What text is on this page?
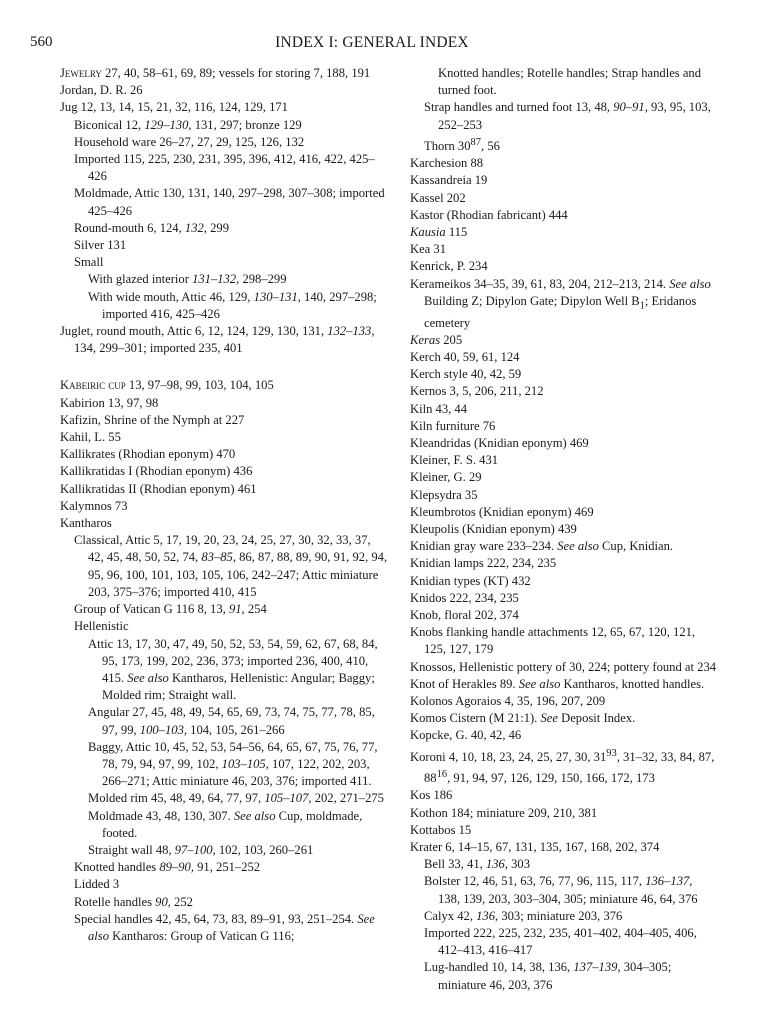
560	INDEX I: GENERAL INDEX

Jewelry 27, 40, 58–61, 69, 89; vessels for storing 7, 188, 191

Jordan, D. R. 26

Jug 12, 13, 14, 15, 21, 32, 116, 124, 129, 171

Biconical 12, 129–130, 131, 297; bronze 129

Household ware 26–27, 27, 29, 125, 126, 132

Imported 115, 225, 230, 231, 395, 396, 412, 416, 422, 425–426

Moldmade, Attic 130, 131, 140, 297–298, 307–308; imported 425–426

Round-mouth 6, 124, 132, 299

Silver 131

Small

With glazed interior 131–132, 298–299

With wide mouth, Attic 46, 129, 130–131, 140, 297–298; imported 416, 425–426

Juglet, round mouth, Attic 6, 12, 124, 129, 130, 131, 132–133, 134, 299–301; imported 235, 401

Kabeiric cup 13, 97–98, 99, 103, 104, 105

Kabirion 13, 97, 98

Kafizin, Shrine of the Nymph at 227

Kahil, L. 55

Kallikrates (Rhodian eponym) 470

Kallikratidas I (Rhodian eponym) 436

Kallikratidas II (Rhodian eponym) 461

Kalymnos 73

Kantharos

Classical, Attic 5, 17, 19, 20, 23, 24, 25, 27, 30, 32, 33, 37, 42, 45, 48, 50, 52, 74, 83–85, 86, 87, 88, 89, 90, 91, 92, 94, 95, 96, 100, 101, 103, 105, 106, 242–247; Attic miniature 203, 375–376; imported 410, 415

Group of Vatican G 116 8, 13, 91, 254

Hellenistic

Attic 13, 17, 30, 47, 49, 50, 52, 53, 54, 59, 62, 67, 68, 84, 95, 173, 199, 202, 236, 373; imported 236, 400, 410, 415. See also Kantharos, Hellenistic: Angular; Baggy; Molded rim; Straight wall.

Angular 27, 45, 48, 49, 54, 65, 69, 73, 74, 75, 77, 78, 85, 97, 99, 100–103, 104, 105, 261–266

Baggy, Attic 10, 45, 52, 53, 54–56, 64, 65, 67, 75, 76, 77, 78, 79, 94, 97, 99, 102, 103–105, 107, 122, 202, 203, 266–271; Attic miniature 46, 203, 376; imported 411.

Molded rim 45, 48, 49, 64, 77, 97, 105–107, 202, 271–275

Moldmade 43, 48, 130, 307. See also Cup, moldmade, footed.

Straight wall 48, 97–100, 102, 103, 260–261

Knotted handles 89–90, 91, 251–252

Lidded 3

Rotelle handles 90, 252

Special handles 42, 45, 64, 73, 83, 89–91, 93, 251–254. See also Kantharos: Group of Vatican G 116;

Knotted handles; Rotelle handles; Strap handles and turned foot.

Strap handles and turned foot 13, 48, 90–91, 93, 95, 103, 252–253

Thorn $30^{87}$, 56

Karchesion 88

Kassandreia 19

Kassel 202

Kastor (Rhodian fabricant) 444

Kausia 115

Kea 31

Kenrick, P. 234

Kerameikos 34–35, 39, 61, 83, 204, 212–213, 214. See also Building Z; Dipylon Gate; Dipylon Well $B_1$; Eridanos cemetery

Keras 205

Kerch 40, 59, 61, 124

Kerch style 40, 42, 59

Kernos 3, 5, 206, 211, 212

Kiln 43, 44

Kiln furniture 76

Kleandridas (Knidian eponym) 469

Kleiner, F. S. 431

Kleiner, G. 29

Klepsydra 35

Kleumbrotos (Knidian eponym) 469

Kleupolis (Knidian eponym) 439

Knidian gray ware 233–234. See also Cup, Knidian.

Knidian lamps 222, 234, 235

Knidian types (KT) 432

Knidos 222, 234, 235

Knob, floral 202, 374

Knobs flanking handle attachments 12, 65, 67, 120, 121, 125, 127, 179

Knossos, Hellenistic pottery of 30, 224; pottery found at 234

Knot of Herakles 89. See also Kantharos, knotted handles.

Kolonos Agoraios 4, 35, 196, 207, 209

Komos Cistern (M 21:1). See Deposit Index.

Kopcke, G. 40, 42, 46

Koroni 4, 10, 18, 23, 24, 25, 27, 30, $31^{93}$, 31–32, 33, 84, 87, $88^{16}$, 91, 94, 97, 126, 129, 150, 166, 172, 173

Kos 186

Kothon 184; miniature 209, 210, 381

Kottabos 15

Krater 6, 14–15, 67, 131, 135, 167, 168, 202, 374

Bell 33, 41, 136, 303

Bolster 12, 46, 51, 63, 76, 77, 96, 115, 117, 136–137, 138, 139, 203, 303–304, 305; miniature 46, 64, 376

Calyx 42, 136, 303; miniature 203, 376

Imported 222, 225, 232, 235, 401–402, 404–405, 406, 412–413, 416–417

Lug-handled 10, 14, 38, 136, 137–139, 304–305; miniature 46, 203, 376
